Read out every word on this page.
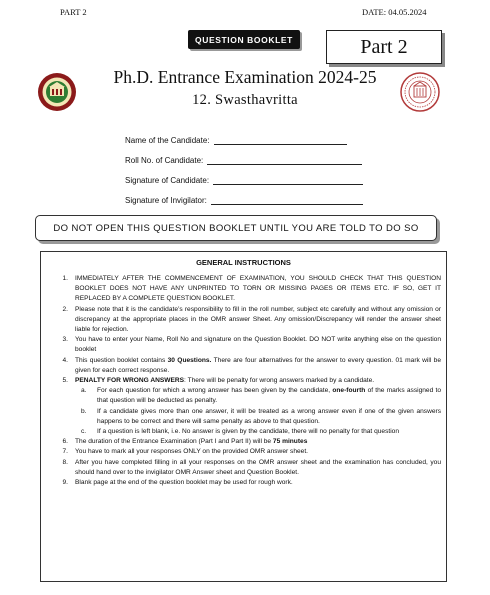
PART 2	DATE: 04.05.2024
QUESTION BOOKLET	Part 2
Ph.D. Entrance Examination 2024-25
12. Swasthavritta
Name of the Candidate:
Roll No. of Candidate:
Signature of Candidate:
Signature of Invigilator:
DO NOT OPEN THIS QUESTION BOOKLET UNTIL YOU ARE TOLD TO DO SO
GENERAL INSTRUCTIONS
1.	IMMEDIATELY AFTER THE COMMENCEMENT OF EXAMINATION, YOU SHOULD CHECK THAT THIS QUESTION BOOKLET DOES NOT HAVE ANY UNPRINTED TO TORN OR MISSING PAGES OR ITEMS ETC. IF SO, GET IT REPLACED BY A COMPLETE QUESTION BOOKLET.
2.	Please note that it is the candidate’s responsibility to fill in the roll number, subject etc carefully and without any omission or discrepancy at the appropriate places in the OMR answer Sheet. Any omission/Discrepancy will render the answer sheet liable for rejection.
3.	You have to enter your Name, Roll No and signature on the Question Booklet. DO NOT write anything else on the question booklet
4.	This question booklet contains 30 Questions. There are four alternatives for the answer to every question. 01 mark will be given for each correct response.
5.	PENALTY FOR WRONG ANSWERS: There will be penalty for wrong answers marked by a candidate.
a.	For each question for which a wrong answer has been given by the candidate, one-fourth of the marks assigned to that question will be deducted as penalty.
b.	If a candidate gives more than one answer, it will be treated as a wrong answer even if one of the given answers happens to be correct and there will same penalty as above to that question.
c.	If a question is left blank, i.e. No answer is given by the candidate, there will no penalty for that question
6.	The duration of the Entrance Examination (Part I and Part II) will be 75 minutes
7.	You have to mark all your responses ONLY on the provided OMR answer sheet.
8.	After you have completed filling in all your responses on the OMR answer sheet and the examination has concluded, you should hand over to the invigilator OMR Answer sheet and Question Booklet.
9.	Blank page at the end of the question booklet may be used for rough work.
